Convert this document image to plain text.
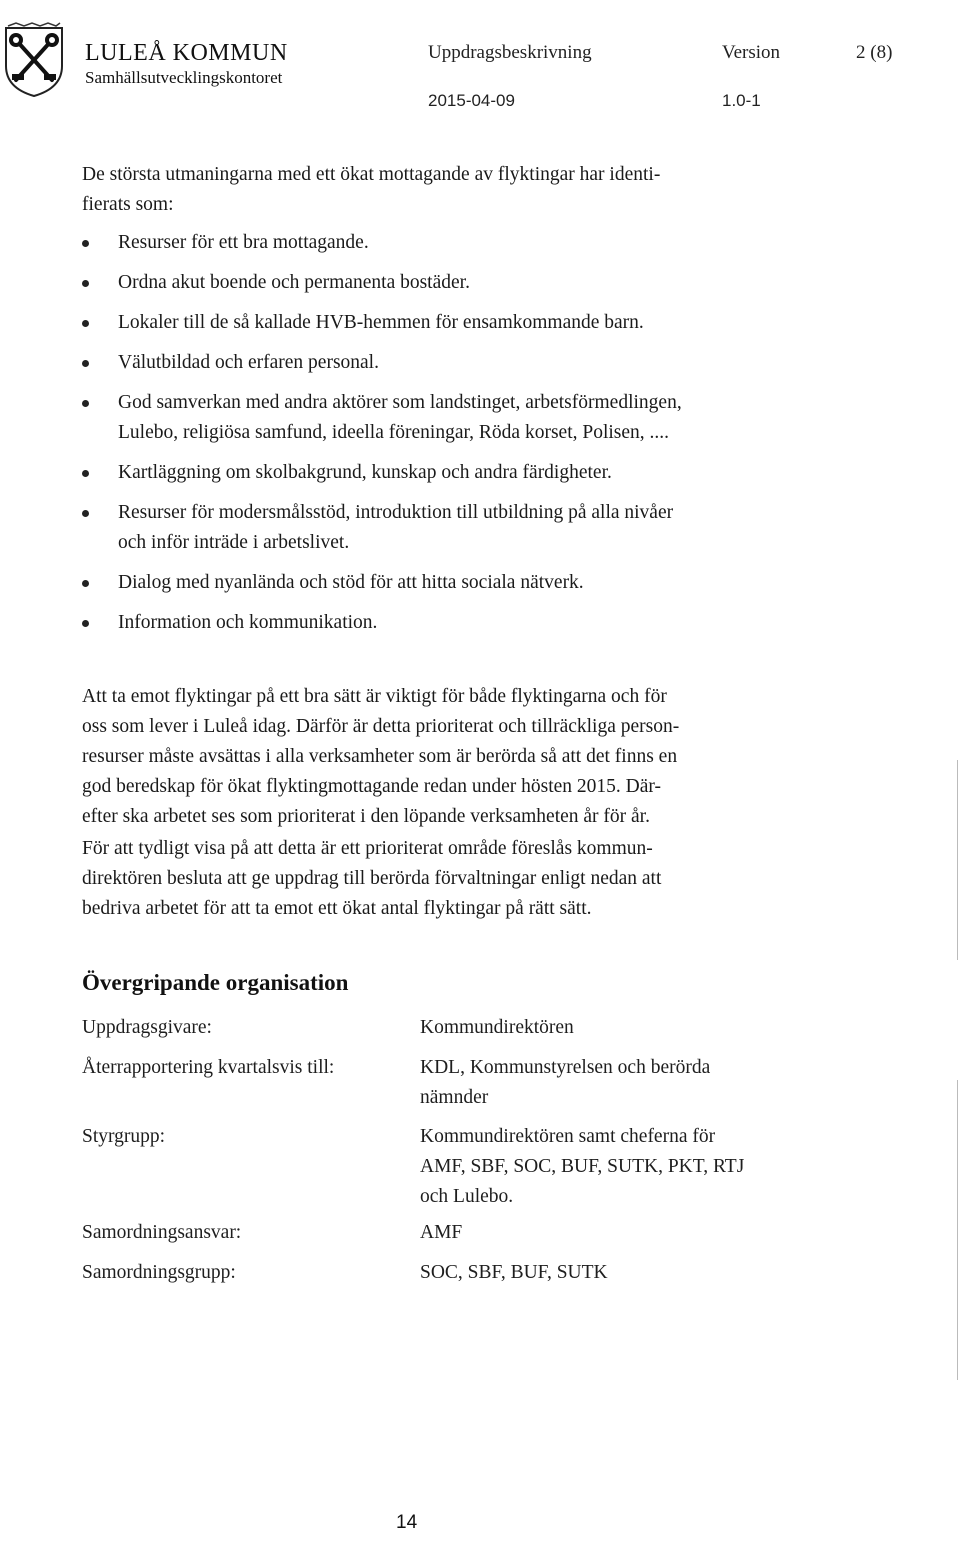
LULEÅ KOMMUN
Samhällsutvecklingskontoret
Uppdragsbeskrivning	Version	2 (8)
2015-04-09	1.0-1
De största utmaningarna med ett ökat mottagande av flyktingar har identi-
fierats som:
Resurser för ett bra mottagande.
Ordna akut boende och permanenta bostäder.
Lokaler till de så kallade HVB-hemmen för ensamkommande barn.
Välutbildad och erfaren personal.
God samverkan med andra aktörer som landstinget, arbetsförmedlingen,
Lulebo, religiösa samfund, ideella föreningar, Röda korset, Polisen, ....
Kartläggning om skolbakgrund, kunskap och andra färdigheter.
Resurser för modersmålsstöd, introduktion till utbildning på alla nivåer
och inför inträde i arbetslivet.
Dialog med nyanlända och stöd för att hitta sociala nätverk.
Information och kommunikation.
Att ta emot flyktingar på ett bra sätt är viktigt för både flyktingarna och för
oss som lever i Luleå idag. Därför är detta prioriterat och tillräckliga person-
resurser måste avsättas i alla verksamheter som är berörda så att det finns en
god beredskap för ökat flyktingmottagande redan under hösten 2015. Där-
efter ska arbetet ses som prioriterat i den löpande verksamheten år för år.
För att tydligt visa på att detta är ett prioriterat område föreslås kommun-
direktören besluta att ge uppdrag till berörda förvaltningar enligt nedan att
bedriva arbetet för att ta emot ett ökat antal flyktingar på rätt sätt.
Övergripande organisation
Uppdragsgivare:	Kommundirektören
Återrapportering kvartalsvis till:	KDL, Kommunstyrelsen och berörda
nämnder
Styrgrupp:	Kommundirektören samt cheferna för
AMF, SBF, SOC, BUF, SUTK, PKT, RTJ
och Lulebo.
Samordningsansvar:	AMF
Samordningsgrupp:	SOC, SBF, BUF, SUTK
14
